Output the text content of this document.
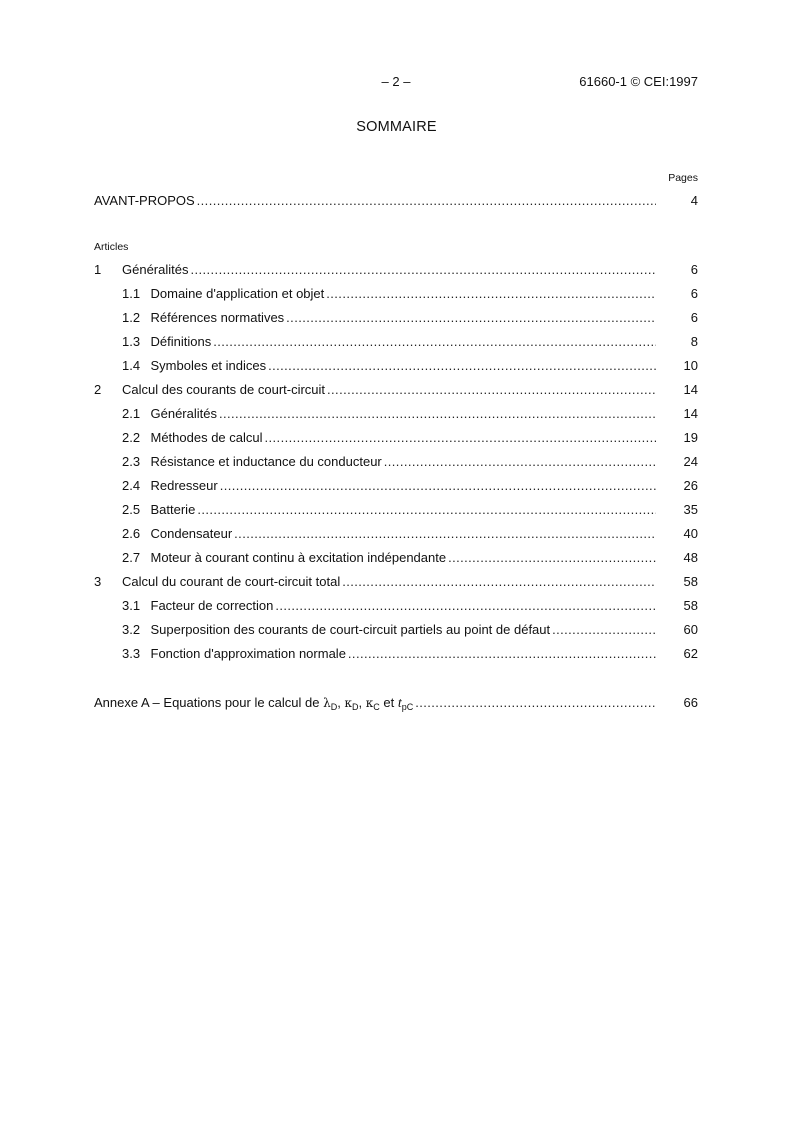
– 2 –	61660-1 © CEI:1997
SOMMAIRE
Pages
AVANT-PROPOS .....	4
Articles
1	Généralités .....	6
1.1 Domaine d'application et objet .....	6
1.2 Références normatives .....	6
1.3 Définitions .....	8
1.4 Symboles et indices .....	10
2	Calcul des courants de court-circuit .....	14
2.1 Généralités .....	14
2.2 Méthodes de calcul .....	19
2.3 Résistance et inductance du conducteur .....	24
2.4 Redresseur .....	26
2.5 Batterie .....	35
2.6 Condensateur .....	40
2.7 Moteur à courant continu à excitation indépendante .....	48
3	Calcul du courant de court-circuit total .....	58
3.1 Facteur de correction .....	58
3.2 Superposition des courants de court-circuit partiels au point de défaut .....	60
3.3 Fonction d'approximation normale .....	62
Annexe A – Equations pour le calcul de $\lambda_D$, $\kappa_D$, $\kappa_C$ et $t_{pC}$ .....	66
